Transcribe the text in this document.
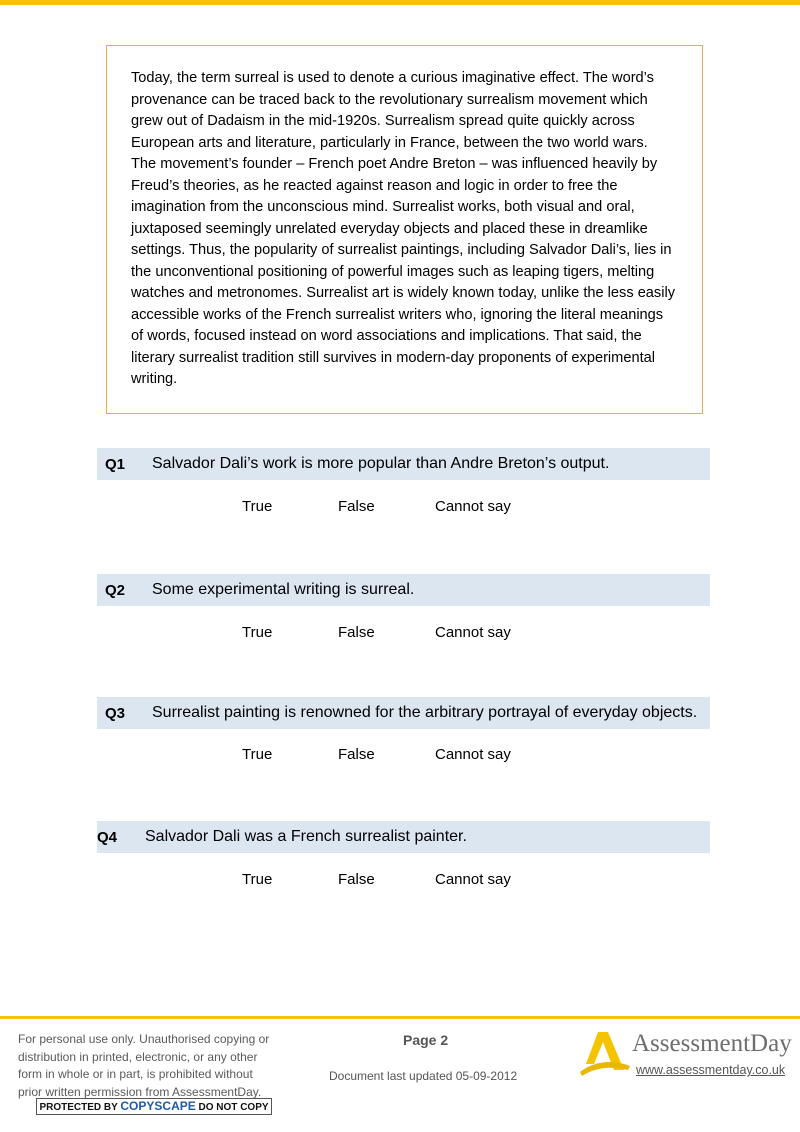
Today, the term surreal is used to denote a curious imaginative effect. The word’s provenance can be traced back to the revolutionary surrealism movement which grew out of Dadaism in the mid-1920s. Surrealism spread quite quickly across European arts and literature, particularly in France, between the two world wars. The movement’s founder – French poet Andre Breton – was influenced heavily by Freud’s theories, as he reacted against reason and logic in order to free the imagination from the unconscious mind. Surrealist works, both visual and oral, juxtaposed seemingly unrelated everyday objects and placed these in dreamlike settings. Thus, the popularity of surrealist paintings, including Salvador Dali’s, lies in the unconventional positioning of powerful images such as leaping tigers, melting watches and metronomes. Surrealist art is widely known today, unlike the less easily accessible works of the French surrealist writers who, ignoring the literal meanings of words, focused instead on word associations and implications. That said, the literary surrealist tradition still survives in modern-day proponents of experimental writing.

Q1 Salvador Dali’s work is more popular than Andre Breton’s output.
True	False	Cannot say
Q2 Some experimental writing is surreal.
True	False	Cannot say
Q3 Surrealist painting is renowned for the arbitrary portrayal of everyday objects.
True	False	Cannot say
Q4 Salvador Dali was a French surrealist painter.
True	False	Cannot say
For personal use only. Unauthorised copying or
distribution in printed, electronic, or any other
form in whole or in part, is prohibited without
prior written permission from AssessmentDay.
PROTECTED BY COPYSCAPE DO NOT COPY
Page 2
Document last updated 05-09-2012
AssessmentDay
www.assessmentday.co.uk
